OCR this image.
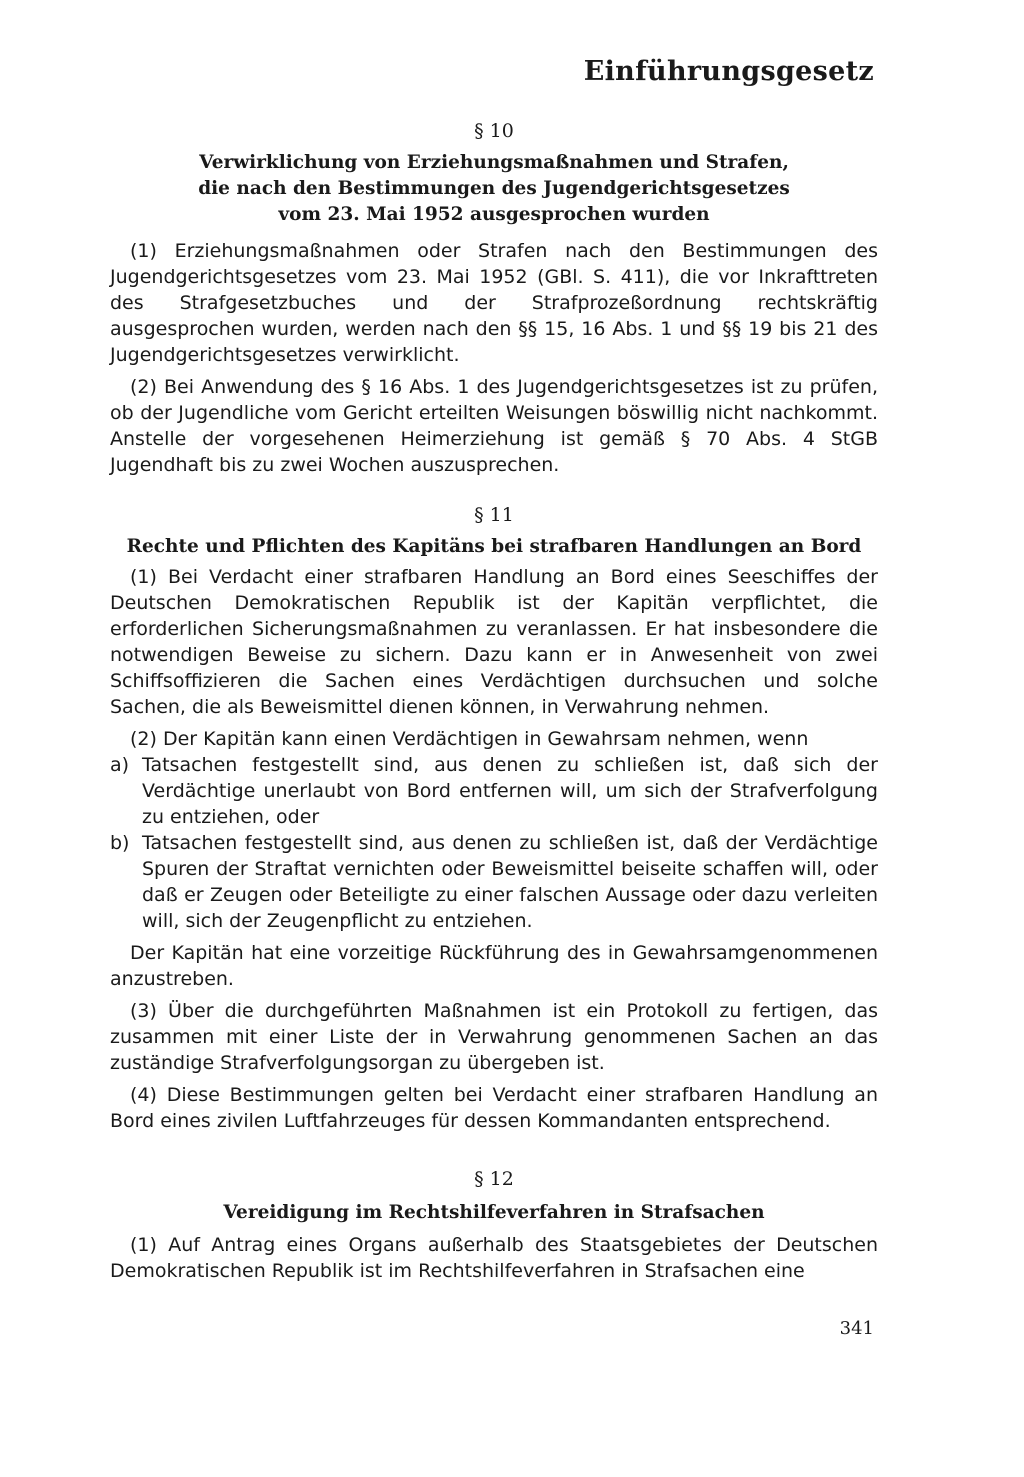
Einführungsgesetz

§ 10

Verwirklichung von Erziehungsmaßnahmen und Strafen,

die nach den Bestimmungen des Jugendgerichtsgesetzes

vom 23. Mai 1952 ausgesprochen wurden

(1) Erziehungsmaßnahmen oder Strafen nach den Bestimmungen des Jugendgerichtsgesetzes vom 23. Mai 1952 (GBl. S. 411), die vor Inkrafttreten des Strafgesetzbuches und der Strafprozeßordnung rechtskräftig ausgesprochen wurden, werden nach den §§ 15, 16 Abs. 1 und §§ 19 bis 21 des Jugendgerichtsgesetzes verwirklicht.

(2) Bei Anwendung des § 16 Abs. 1 des Jugendgerichtsgesetzes ist zu prüfen, ob der Jugendliche vom Gericht erteilten Weisungen böswillig nicht nachkommt. Anstelle der vorgesehenen Heimerziehung ist gemäß § 70 Abs. 4 StGB Jugendhaft bis zu zwei Wochen auszusprechen.

§ 11

Rechte und Pflichten des Kapitäns bei strafbaren Handlungen an Bord

(1) Bei Verdacht einer strafbaren Handlung an Bord eines Seeschiffes der Deutschen Demokratischen Republik ist der Kapitän verpflichtet, die erforderlichen Sicherungsmaßnahmen zu veranlassen. Er hat insbesondere die notwendigen Beweise zu sichern. Dazu kann er in Anwesenheit von zwei Schiffsoffizieren die Sachen eines Verdächtigen durchsuchen und solche Sachen, die als Beweismittel dienen können, in Verwahrung nehmen.

(2) Der Kapitän kann einen Verdächtigen in Gewahrsam nehmen, wenn

a) Tatsachen festgestellt sind, aus denen zu schließen ist, daß sich der Verdächtige unerlaubt von Bord entfernen will, um sich der Strafverfolgung zu entziehen, oder

b) Tatsachen festgestellt sind, aus denen zu schließen ist, daß der Verdächtige Spuren der Straftat vernichten oder Beweismittel beiseite schaffen will, oder daß er Zeugen oder Beteiligte zu einer falschen Aussage oder dazu verleiten will, sich der Zeugenpflicht zu entziehen.

Der Kapitän hat eine vorzeitige Rückführung des in Gewahrsamgenommenen anzustreben.

(3) Über die durchgeführten Maßnahmen ist ein Protokoll zu fertigen, das zusammen mit einer Liste der in Verwahrung genommenen Sachen an das zuständige Strafverfolgungsorgan zu übergeben ist.

(4) Diese Bestimmungen gelten bei Verdacht einer strafbaren Handlung an Bord eines zivilen Luftfahrzeuges für dessen Kommandanten entsprechend.

§ 12

Vereidigung im Rechtshilfeverfahren in Strafsachen

(1) Auf Antrag eines Organs außerhalb des Staatsgebietes der Deutschen Demokratischen Republik ist im Rechtshilfeverfahren in Strafsachen eine

341
